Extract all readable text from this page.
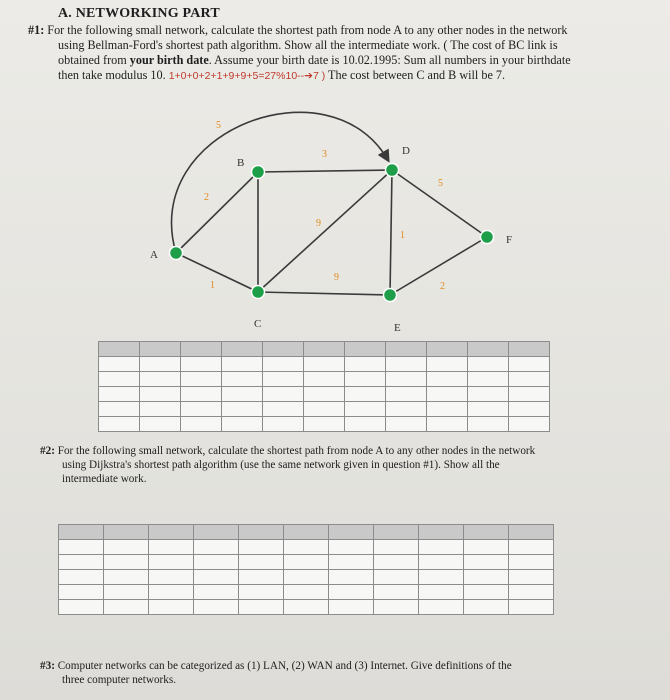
A. NETWORKING PART
#1: For the following small network, calculate the shortest path from node A to any other nodes in the network
using Bellman-Ford's shortest path algorithm. Show all the intermediate work. ( The cost of BC link is
obtained from your birth date. Assume your birth date is 10.02.1995: Sum all numbers in your birthdate
then take modulus 10. 1+0+0+2+1+9+9+5=27%10--➔7 ) The cost between C and B will be 7.
2
1
5
3
9
9
1
5
2
A
B
C
D
E
F

#2: For the following small network, calculate the shortest path from node A to any other nodes in the network
using Dijkstra's shortest path algorithm (use the same network given in question #1). Show all the
intermediate work.

#3: Computer networks can be categorized as (1) LAN, (2) WAN and (3) Internet. Give definitions of the
three computer networks.
